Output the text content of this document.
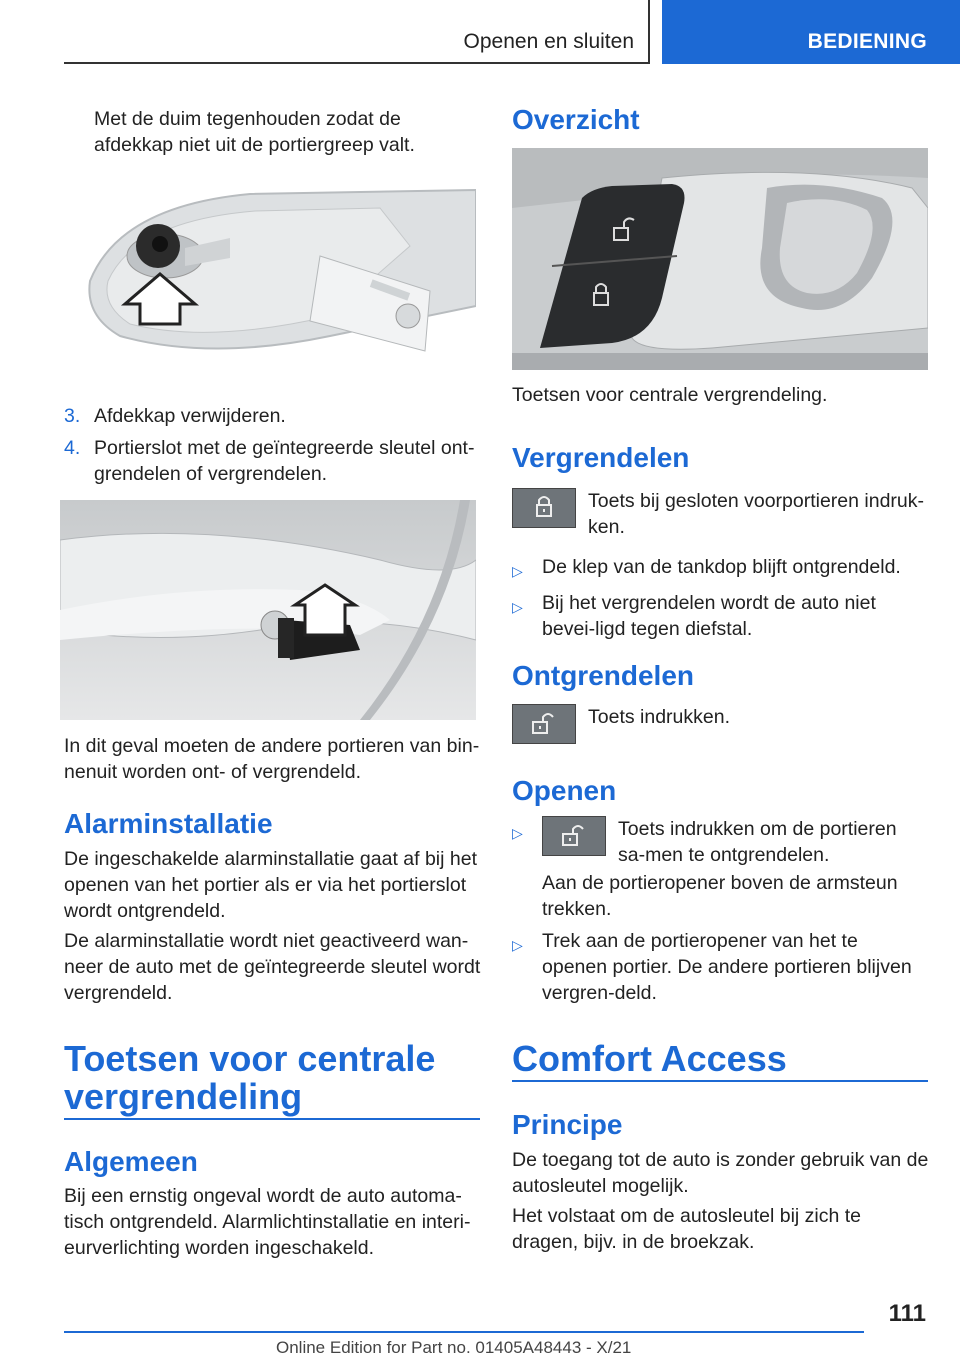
Openen en sluiten	BEDIENING
Met de duim tegenhouden zodat de afdekkap niet uit de portiergreep valt.
3. Afdekkap verwijderen.
4. Portierslot met de geïntegreerde sleutel ont-grendelen of vergrendelen.
In dit geval moeten de andere portieren van bin-nenuit worden ont- of vergrendeld.
Alarminstallatie
De ingeschakelde alarminstallatie gaat af bij het openen van het portier als er via het portierslot wordt ontgrendeld.
De alarminstallatie wordt niet geactiveerd wan-neer de auto met de geïntegreerde sleutel wordt vergrendeld.
Toetsen voor centrale
vergrendeling
Algemeen
Bij een ernstig ongeval wordt de auto automa-tisch ontgrendeld. Alarmlichtinstallatie en interi-eurverlichting worden ingeschakeld.
Overzicht
Toetsen voor centrale vergrendeling.
Vergrendelen
Toets bij gesloten voorportieren indruk-ken.
▷ De klep van de tankdop blijft ontgrendeld.
▷ Bij het vergrendelen wordt de auto niet bevei-ligd tegen diefstal.
Ontgrendelen
Toets indrukken.
Openen
▷	Toets indrukken om de portieren sa-men te ontgrendelen.
Aan de portieropener boven de armsteun trekken.
▷ Trek aan de portieropener van het te openen portier. De andere portieren blijven vergren-deld.
Comfort Access
Principe
De toegang tot de auto is zonder gebruik van de autosleutel mogelijk.
Het volstaat om de autosleutel bij zich te dragen, bijv. in de broekzak.
111
Online Edition for Part no. 01405A48443 - X/21
